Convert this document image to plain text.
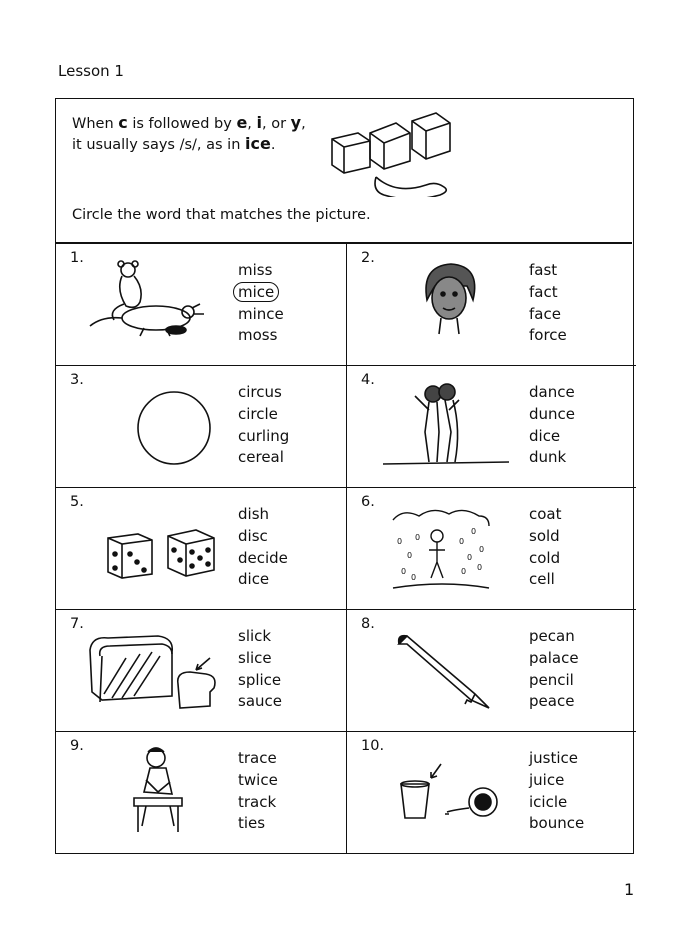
Lesson 1
When c is followed by e, i, or y,
it usually says /s/, as in ice.
Circle the word that matches the picture.
1.
miss
mice
mince
moss
2.
fast
fact
face
force
3.
circus
circle
curling
cereal
4.
dance
dunce
dice
dunk
5.
dish
disc
decide
dice
6.
0
0
0
0	0
0
0
0
0
0
0
coat
sold
cold
cell
7.
slick
slice
splice
sauce
8.
pecan
palace
pencil
peace
9.
trace
twice
track
ties
10.
justice
juice
icicle
bounce
1
